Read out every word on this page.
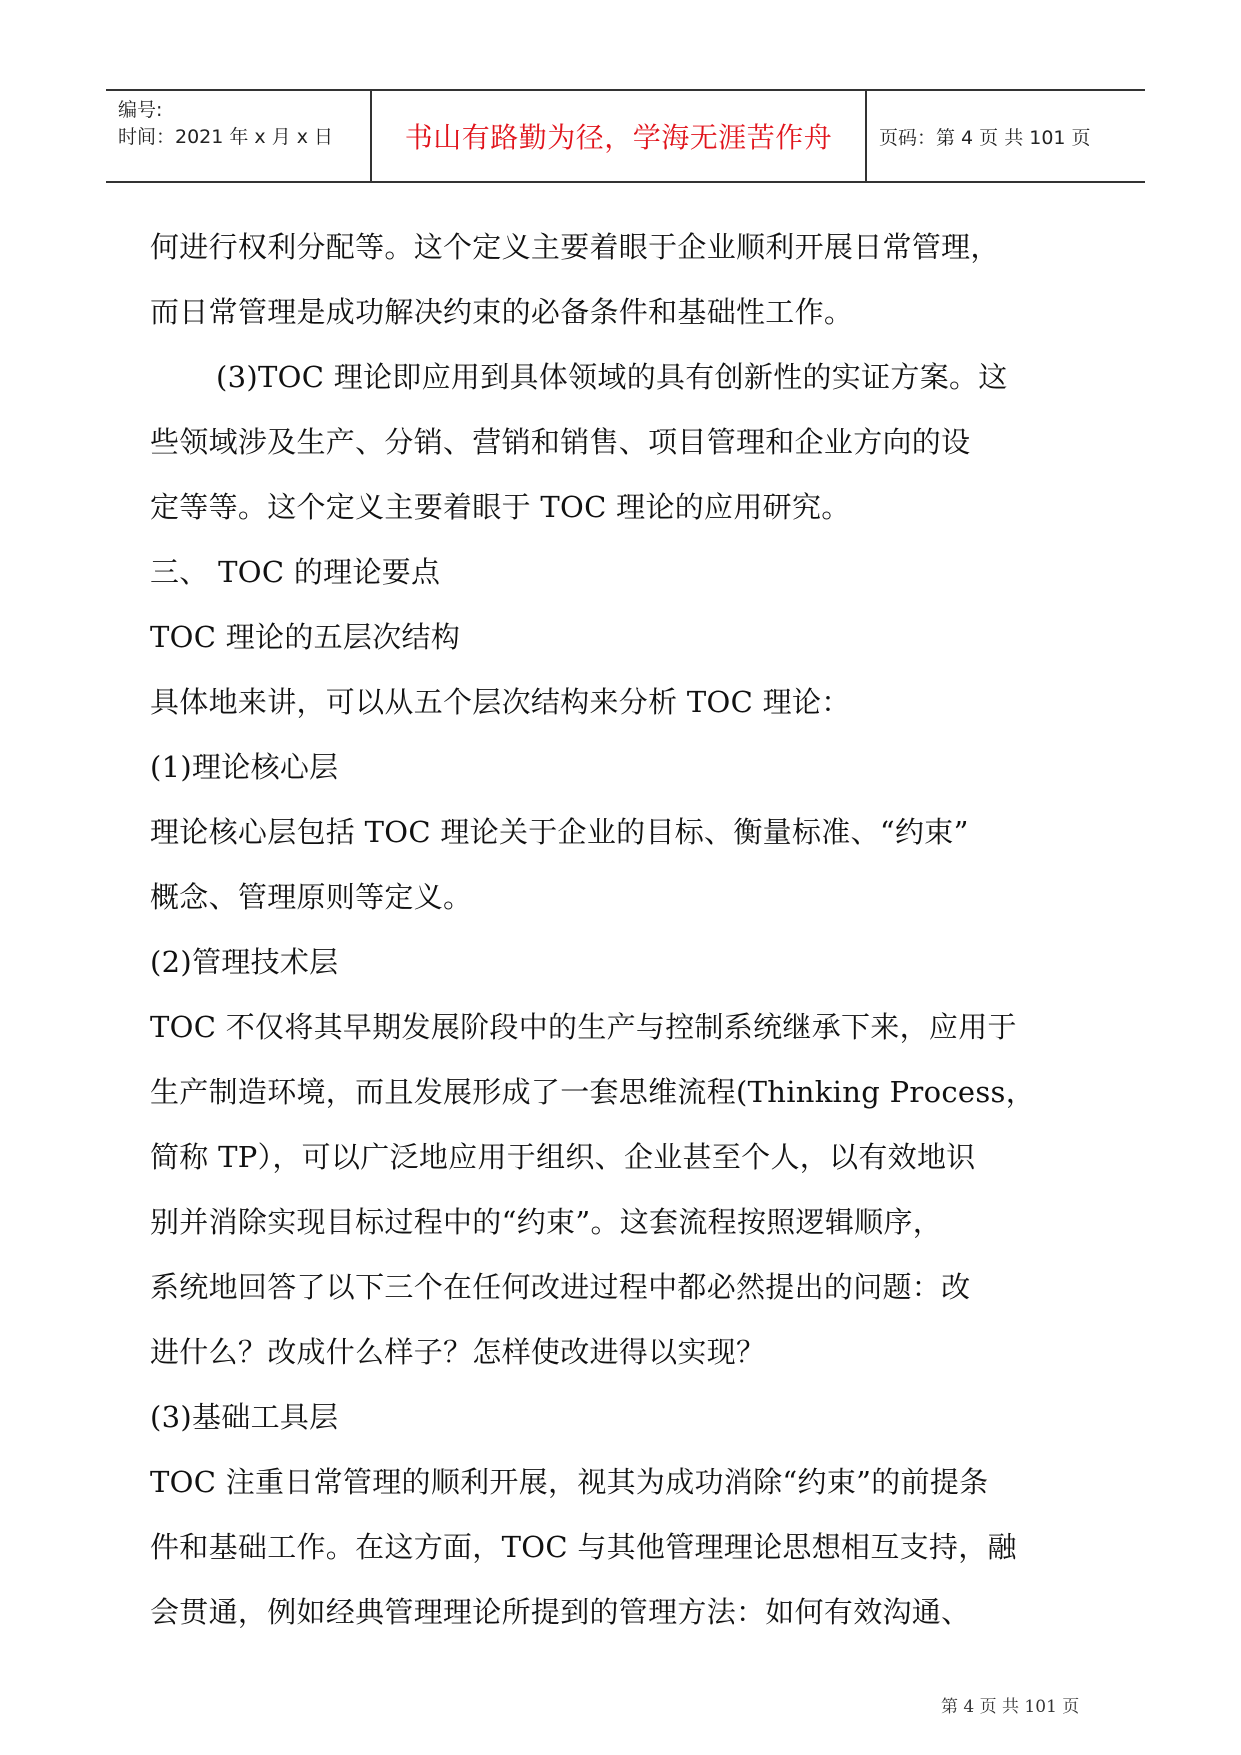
编号:
时间：2021 年 x 月 x 日	书山有路勤为径，学海无涯苦作舟 页码：第 4 页 共 101 页
何进行权利分配等。这个定义主要着眼于企业顺利开展日常管理，
而日常管理是成功解决约束的必备条件和基础性工作。
(3)TOC 理论即应用到具体领域的具有创新性的实证方案。这
些领域涉及生产、分销、营销和销售、项目管理和企业方向的设
定等等。这个定义主要着眼于 TOC 理论的应用研究。
三、 TOC 的理论要点
TOC 理论的五层次结构
具体地来讲，可以从五个层次结构来分析 TOC 理论：
(1)理论核心层
理论核心层包括 TOC 理论关于企业的目标、衡量标准、“约束”
概念、管理原则等定义。
(2)管理技术层
TOC 不仅将其早期发展阶段中的生产与控制系统继承下来，应用于
生产制造环境，而且发展形成了一套思维流程(Thinking Process，
简称 TP），可以广泛地应用于组织、企业甚至个人，以有效地识
别并消除实现目标过程中的“约束”。这套流程按照逻辑顺序，
系统地回答了以下三个在任何改进过程中都必然提出的问题：改
进什么？改成什么样子？怎样使改进得以实现？
(3)基础工具层
TOC 注重日常管理的顺利开展，视其为成功消除“约束”的前提条
件和基础工作。在这方面，TOC 与其他管理理论思想相互支持，融
会贯通，例如经典管理理论所提到的管理方法：如何有效沟通、
第 4 页 共 101 页
